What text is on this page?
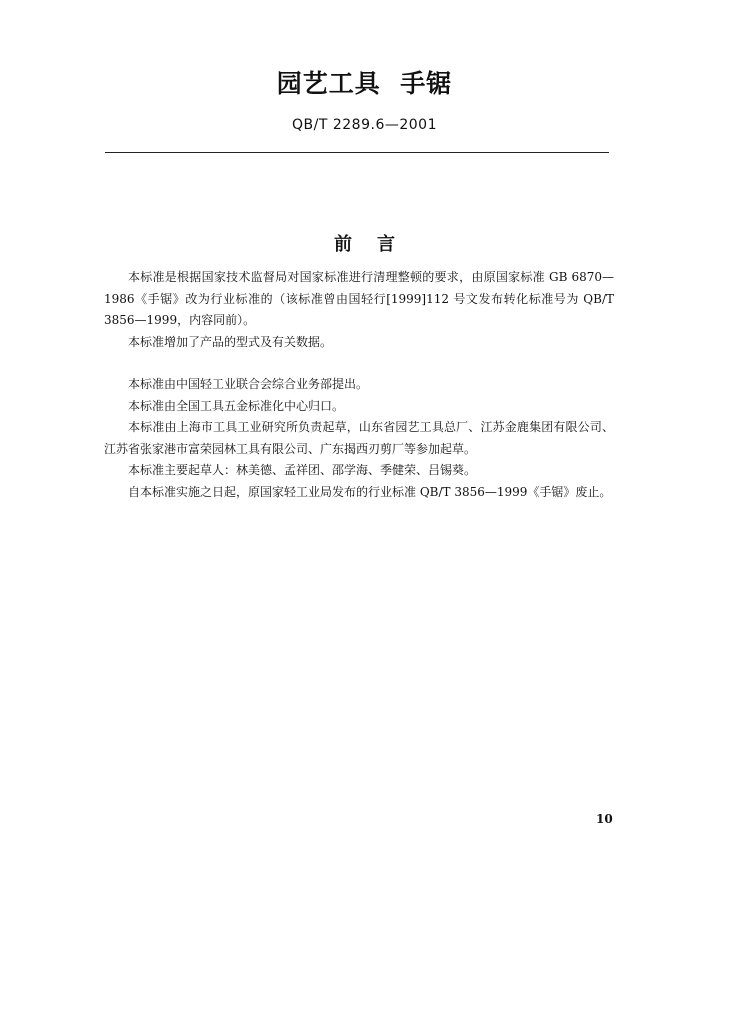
园艺工具  手锯
QB/T 2289.6—2001
前    言

本标准是根据国家技术监督局对国家标准进行清理整顿的要求，由原国家标准 GB 6870—1986《手锯》改为行业标准的（该标准曾由国轻行[1999]112 号文发布转化标准号为 QB/T 3856—1999，内容同前）。

本标准增加了产品的型式及有关数据。

本标准由中国轻工业联合会综合业务部提出。

本标准由全国工具五金标准化中心归口。

本标准由上海市工具工业研究所负责起草，山东省园艺工具总厂、江苏金鹿集团有限公司、江苏省张家港市富荣园林工具有限公司、广东揭西刃剪厂等参加起草。

本标准主要起草人：林美德、孟祥团、邵学海、季健荣、吕锡葵。

自本标准实施之日起，原国家轻工业局发布的行业标准 QB/T 3856—1999《手锯》废止。

10
